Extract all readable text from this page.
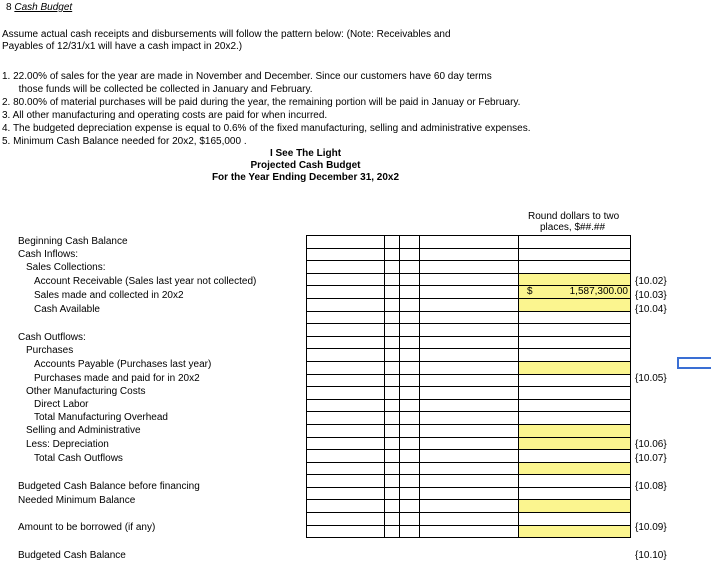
8 Cash Budget
Assume actual cash receipts and disbursements will follow the pattern below: (Note: Receivables and
Payables of 12/31/x1 will have a cash impact in 20x2.)
1. 22.00% of sales for the year are made in November and December. Since our customers have 60 day terms
those funds will be collected be collected in January and February.
2. 80.00% of material purchases will be paid during the year, the remaining portion will be paid in Januay or February.
3. All other manufacturing and operating costs are paid for when incurred.
4. The budgeted depreciation expense is equal to 0.6% of the fixed manufacturing, selling and administrative expenses.
5. Minimum Cash Balance needed for 20x2, $165,000 .
I See The Light
Projected Cash Budget
For the Year Ending December 31, 20x2
Round dollars to two
places, $##.##
Beginning Cash Balance
Cash Inflows:
Sales Collections:
Account Receivable (Sales last year not collected)
Sales made and collected in 20x2
Cash Available
Cash Outflows:
Purchases
Accounts Payable (Purchases last year)
Purchases made and paid for in 20x2
Other Manufacturing Costs
Direct Labor
Total Manufacturing Overhead
Selling and Administrative
Less: Depreciation
Total Cash Outflows
Budgeted Cash Balance before financing
Needed Minimum Balance
Amount to be borrowed (if any)
Budgeted Cash Balance
$	1,587,300.00
{10.02}
{10.03}
{10.04}
{10.05}
{10.06}
{10.07}
{10.08}
{10.09}
{10.10}
